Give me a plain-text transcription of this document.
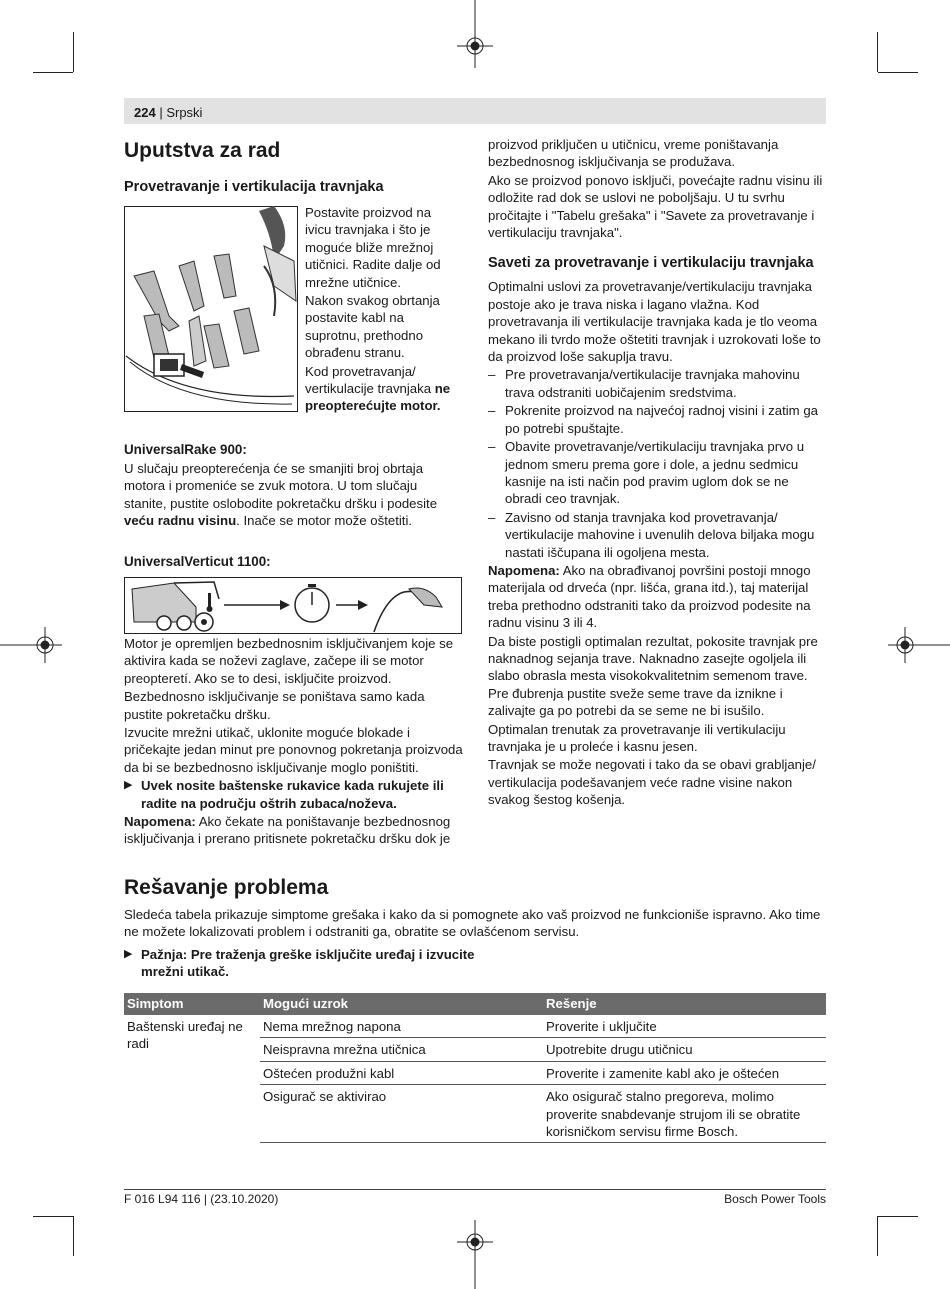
224 | Srpski
Uputstva za rad
Provetravanje i vertikulacija travnjaka

Postavite proizvod na ivicu travnjaka i što je moguće bliže mrežnoj utičnici. Radite dalje od mrežne utičnice.

Nakon svakog obrtanja postavite kabl na suprotnu, prethodno obrađenu stranu.

Kod provetravanja/ vertikulacije travnjaka ne preopterećujte motor.

UniversalRake 900:

U slučaju preopterećenja će se smanjiti broj obrtaja motora i promeniće se zvuk motora. U tom slučaju stanite, pustite oslobodite pokretačku dršku i podesite veću radnu visinu. Inače se motor može oštetiti.

UniversalVerticut 1100:

Motor je opremljen bezbednosnim isključivanjem koje se aktivira kada se noževi zaglave, začepe ili se motor preopteretí. Ako se to desi, isključite proizvod.

Bezbednosno isključivanje se poništava samo kada pustite pokretačku dršku.

Izvucite mrežni utikač, uklonite moguće blokade i pričekajte jedan minut pre ponovnog pokretanja proizvoda da bi se bezbednosno isključivanje moglo poništiti.

▶ Uvek nosite baštenske rukavice kada rukujete ili radite na području oštrih zubaca/noževa.

Napomena: Ako čekate na poništavanje bezbednosnog isključivanja i prerano pritisnete pokretačku dršku dok je

proizvod priključen u utičnicu, vreme poništavanja bezbednosnog isključivanja se produžava.

Ako se proizvod ponovo isključi, povećajte radnu visinu ili odložite rad dok se uslovi ne poboljšaju. U tu svrhu pročitajte i "Tabelu grešaka" i "Savete za provetravanje i vertikulaciju travnjaka".

Saveti za provetravanje i vertikulaciju travnjaka

Optimalni uslovi za provetravanje/vertikulaciju travnjaka postoje ako je trava niska i lagano vlažna. Kod provetravanja ili vertikulacije travnjaka kada je tlo veoma mekano ili tvrdo može oštetiti travnjak i uzrokovati loše to da proizvod loše sakuplja travu.

– Pre provetravanja/vertikulacije travnjaka mahovinu trava odstraniti uobičajenim sredstvima.
– Pokrenite proizvod na najvećoj radnoj visini i zatim ga po potrebi spuštajte.
– Obavite provetravanje/vertikulaciju travnjaka prvo u jednom smeru prema gore i dole, a jednu sedmicu kasnije na isti način pod pravim uglom dok se ne obradi ceo travnjak.
– Zavisno od stanja travnjaka kod provetravanja/ vertikulacije mahovine i uvenulih delova biljaka mogu nastati iščupana ili ogoljena mesta.

Napomena: Ako na obrađivanoj površini postoji mnogo materijala od drveća (npr. lišća, grana itd.), taj materijal treba prethodno odstraniti tako da proizvod podesite na radnu visinu 3 ili 4.

Da biste postigli optimalan rezultat, pokosite travnjak pre naknadnog sejanja trave. Naknadno zasejte ogoljela ili slabo obrasla mesta visokokvalitetnim semenom trave. Pre đubrenja pustite sveže seme trave da iznikne i zalivajte ga po potrebi da se seme ne bi isušilo.

Optimalan trenutak za provetravanje ili vertikulaciju travnjaka je u proleće i kasnu jesen.

Travnjak se može negovati i tako da se obavi grabljanje/ vertikulacija podešavanjem veće radne visine nakon svakog šestog košenja.

Rešavanje problema

Sledeća tabela prikazuje simptome grešaka i kako da si pomognete ako vaš proizvod ne funkcioniše ispravno. Ako time ne možete lokalizovati problem i odstraniti ga, obratite se ovlašćenom servisu.

▶ Pažnja: Pre traženja greške isključite uređaj i izvucite mrežni utikač.
Simptom	Mogući uzrok	Rešenje
Baštenski uređaj ne radi	Nema mrežnog napona	Proverite i uključite
	Neispravna mrežna utičnica	Upotrebite drugu utičnicu
	Oštećen produžni kabl	Proverite i zamenite kabl ako je oštećen
	Osigurač se aktivirao	Ako osigurač stalno pregoreva, molimo proverite snabdevanje strujom ili se obratite korisničkom servisu firme Bosch.
F 016 L94 116 | (23.10.2020)	Bosch Power Tools
